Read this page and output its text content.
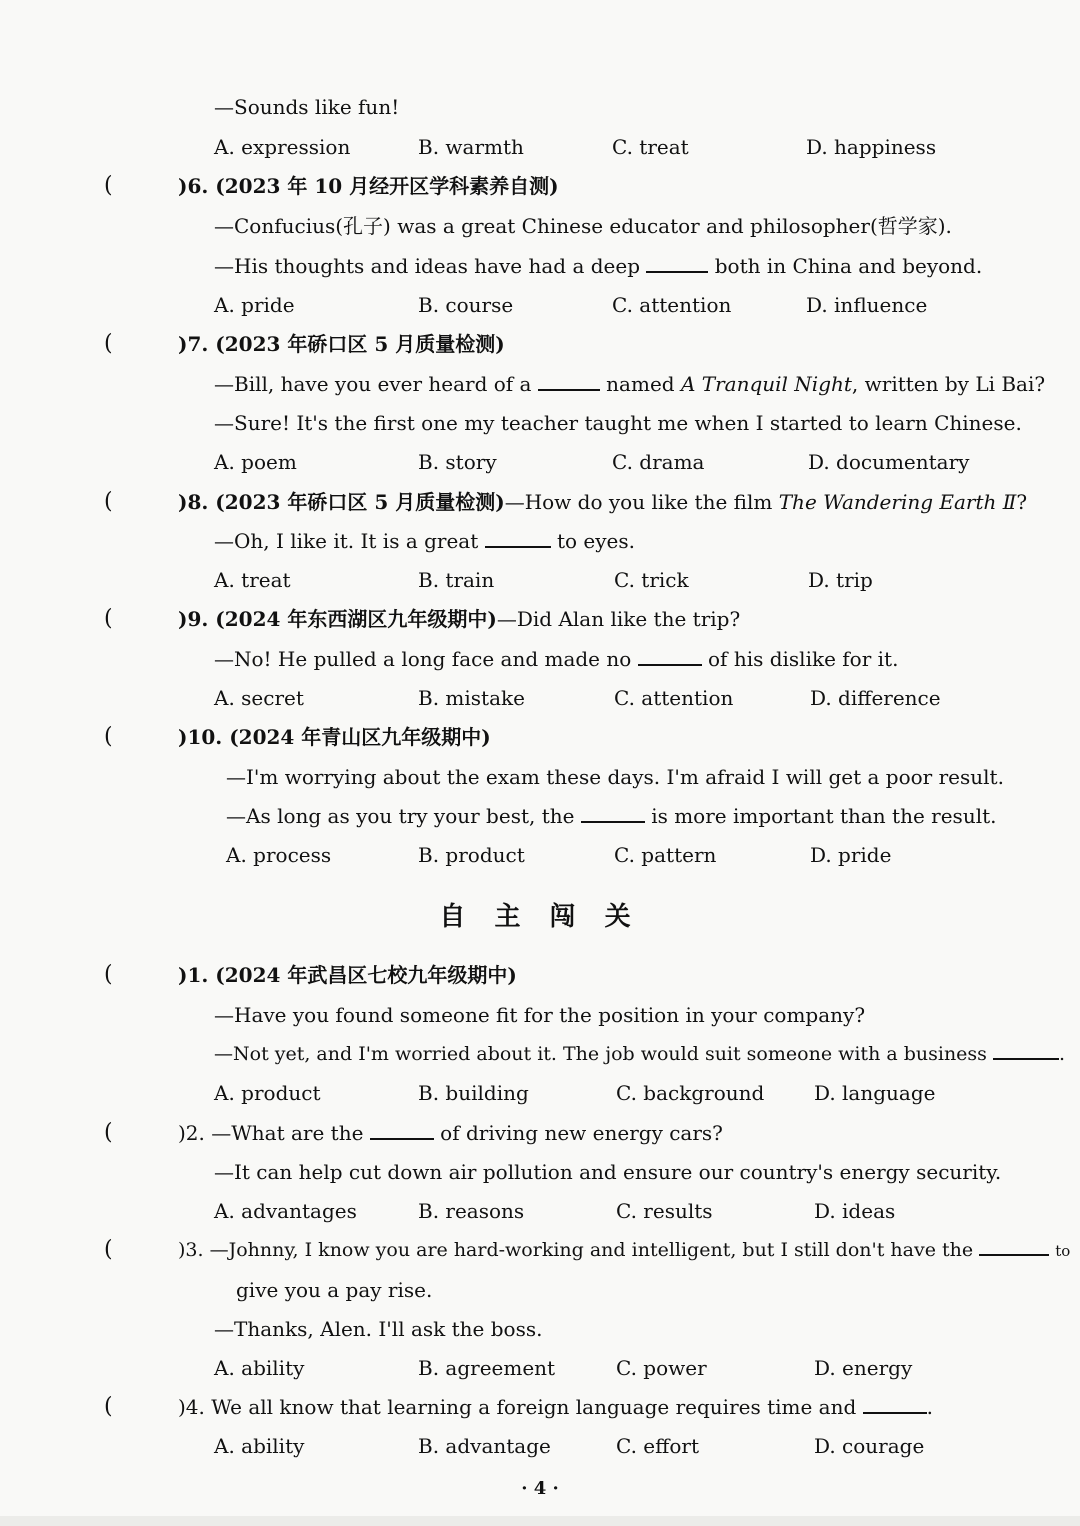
—Sounds like fun!
A. expression	B. warmth	C. treat	D. happiness
(	)6. (2023 年 10 月经开区学科素养自测)
—Confucius(孔子) was a great Chinese educator and philosopher(哲学家).
—His thoughts and ideas have had a deep	both in China and beyond.
A. pride	B. course	C. attention	D. influence
(	)7. (2023 年硚口区 5 月质量检测)
—Bill, have you ever heard of a	named A Tranquil Night, written by Li Bai?
—Sure! It's the first one my teacher taught me when I started to learn Chinese.
A. poem	B. story	C. drama	D. documentary
(	)8. (2023 年硚口区 5 月质量检测)—How do you like the film The Wandering Earth Ⅱ?
—Oh, I like it. It is a great	to eyes.
A. treat	B. train	C. trick	D. trip
(	)9. (2024 年东西湖区九年级期中)—Did Alan like the trip?
—No! He pulled a long face and made no	of his dislike for it.
A. secret	B. mistake	C. attention	D. difference
(	)10. (2024 年青山区九年级期中)
—I'm worrying about the exam these days. I'm afraid I will get a poor result.
—As long as you try your best, the	is more important than the result.
A. process	B. product	C. pattern	D. pride
自 主 闯 关
(	)1. (2024 年武昌区七校九年级期中)
—Have you found someone fit for the position in your company?
—Not yet, and I'm worried about it. The job would suit someone with a business	.
A. product	B. building	C. background D. language
(	)2. —What are the	of driving new energy cars?
—It can help cut down air pollution and ensure our country's energy security.
A. advantages	B. reasons	C. results	D. ideas
(	)3. —Johnny, I know you are hard-working and intelligent, but I still don't have the	to
give you a pay rise.
—Thanks, Alen. I'll ask the boss.
A. ability	B. agreement	C. power	D. energy
(	)4. We all know that learning a foreign language requires time and	.
A. ability	B. advantage	C. effort	D. courage
· 4 ·
